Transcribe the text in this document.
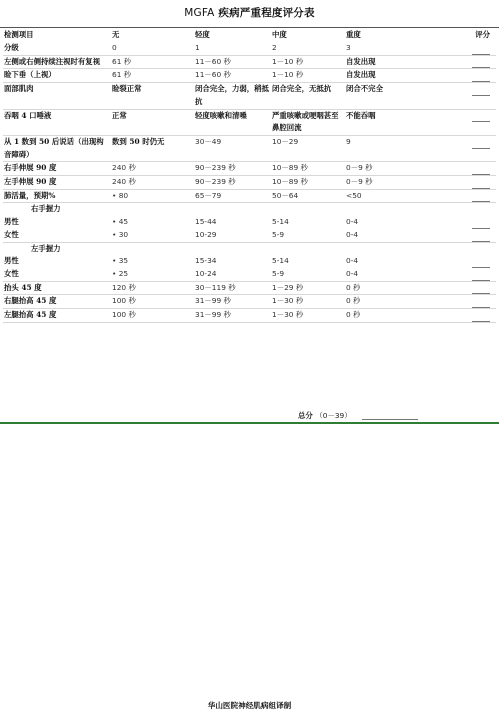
MGFA 疾病严重程度评分表
检测项目	无	轻度	中度	重度	评分
分级	0	1	2	3	
左侧或右侧持续注视时有复视	61 秒	11－60 秒	1－10 秒	自发出现	
睑下垂（上视）	61 秒	11－60 秒	1－10 秒	自发出现	
面部肌肉	睑裂正常	闭合完全，力弱，稍抵抗	闭合完全，无抵抗	闭合不完全	
吞咽 4 口唾液	正常	轻度咳嗽和清嗓	严重咳嗽或哽咽甚至鼻腔回流	不能吞咽	
从 1 数到 50 后说话（出现构音障碍）	数到 50 时仍无	30－49	10－29	9	
右手伸展 90 度	240 秒	90－239 秒	10－89 秒	0－9 秒	
左手伸展 90 度	240 秒	90－239 秒	10－89 秒	0－9 秒	
肺活量，预期%	• 80	65－79	50－64	<50	
右手握力					
男性	• 45	15-44	5-14	0-4	
女性	• 30	10-29	5-9	0-4	
左手握力					
男性	• 35	15-34	5-14	0-4	
女性	• 25	10-24	5-9	0-4	
抬头 45 度	120 秒	30－119 秒	1－29 秒	0 秒	
右腿抬高 45 度	100 秒	31－99 秒	1－30 秒	0 秒	
左腿抬高 45 度	100 秒	31－99 秒	1－30 秒	0 秒	
总分 （0－39）
华山医院神经肌病组译制
